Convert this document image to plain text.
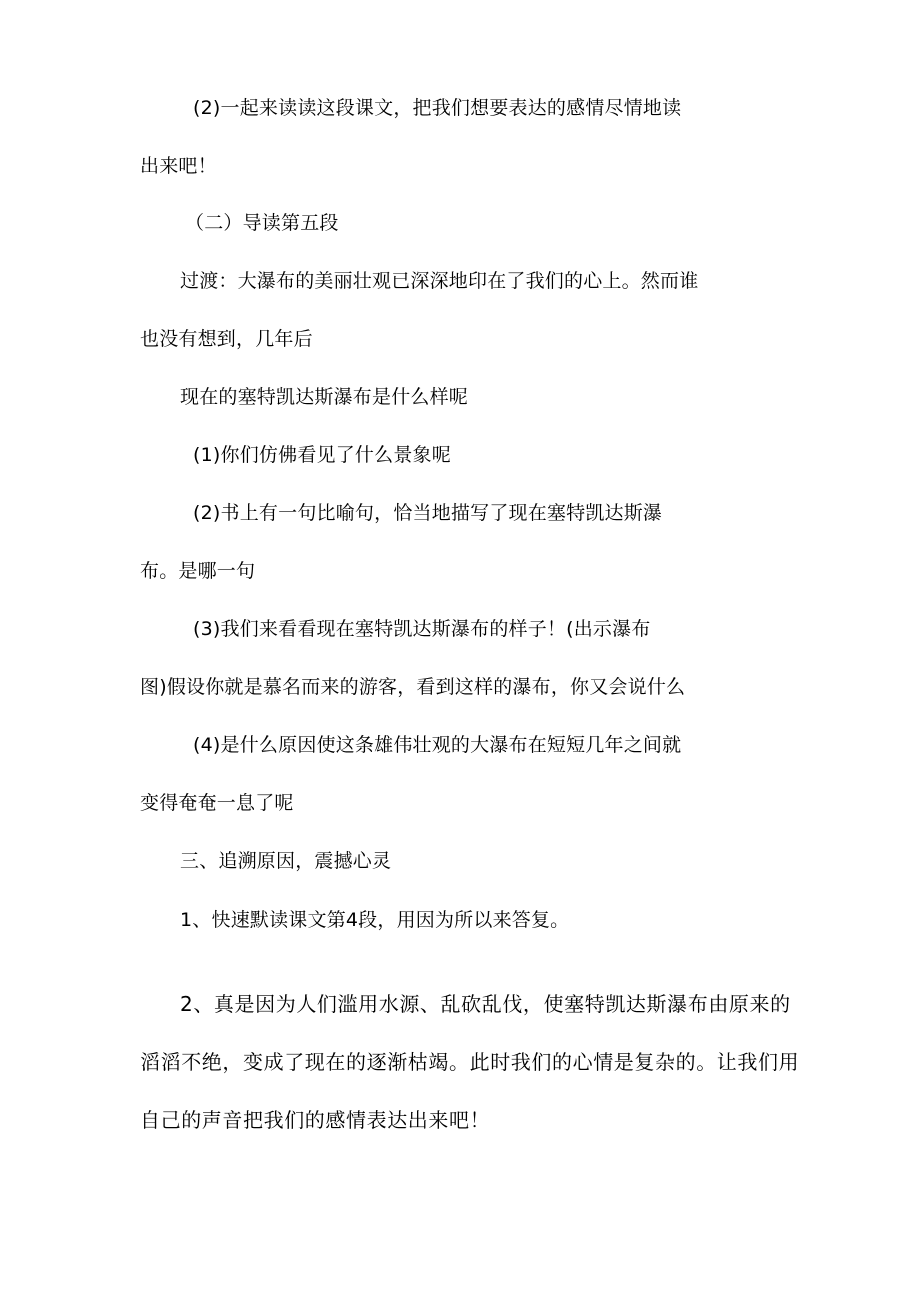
(2)一起来读读这段课文，把我们想要表达的感情尽情地读
出来吧！
（二）导读第五段
过渡：大瀑布的美丽壮观已深深地印在了我们的心上。然而谁
也没有想到，几年后
现在的塞特凯达斯瀑布是什么样呢
(1)你们仿佛看见了什么景象呢
(2)书上有一句比喻句，恰当地描写了现在塞特凯达斯瀑
布。是哪一句
(3)我们来看看现在塞特凯达斯瀑布的样子！(出示瀑布
图)假设你就是慕名而来的游客，看到这样的瀑布，你又会说什么
(4)是什么原因使这条雄伟壮观的大瀑布在短短几年之间就
变得奄奄一息了呢
三、追溯原因，震撼心灵
1、快速默读课文第4段，用因为所以来答复。
2、真是因为人们滥用水源、乱砍乱伐，使塞特凯达斯瀑布由原来的
滔滔不绝，变成了现在的逐渐枯竭。此时我们的心情是复杂的。让我们用
自己的声音把我们的感情表达出来吧！
